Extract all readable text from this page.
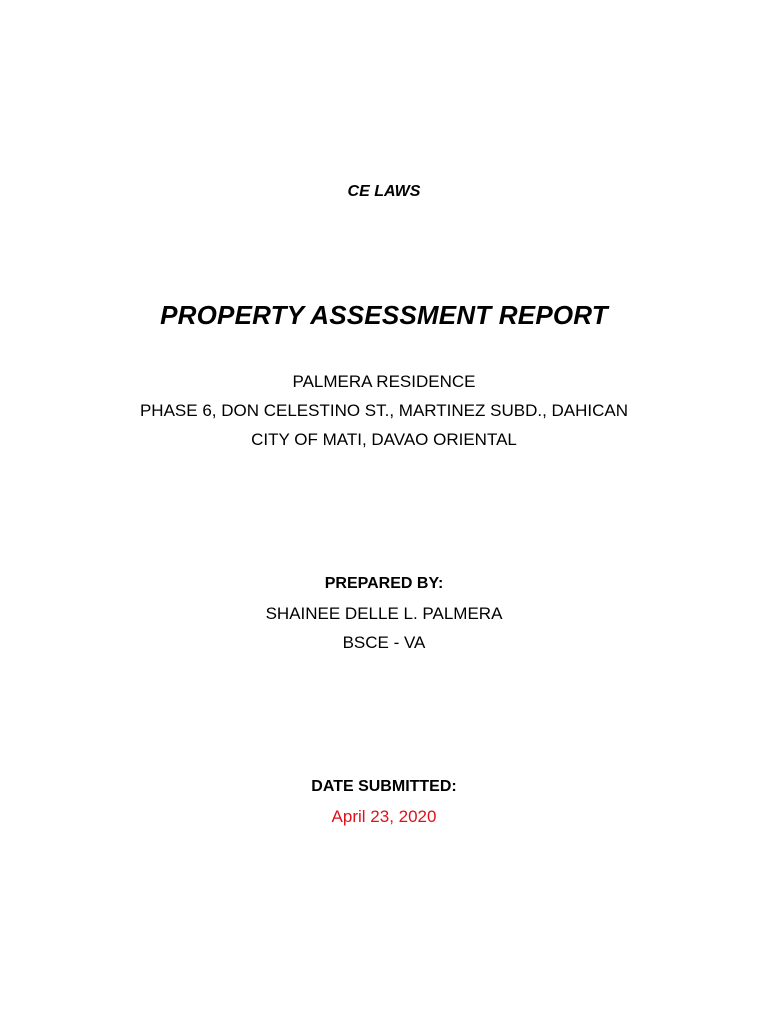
CE LAWS
PROPERTY ASSESSMENT REPORT
PALMERA RESIDENCE
PHASE 6, DON CELESTINO ST., MARTINEZ SUBD., DAHICAN
CITY OF MATI, DAVAO ORIENTAL
PREPARED BY:
SHAINEE DELLE L. PALMERA
BSCE - VA
DATE SUBMITTED:
April 23, 2020
